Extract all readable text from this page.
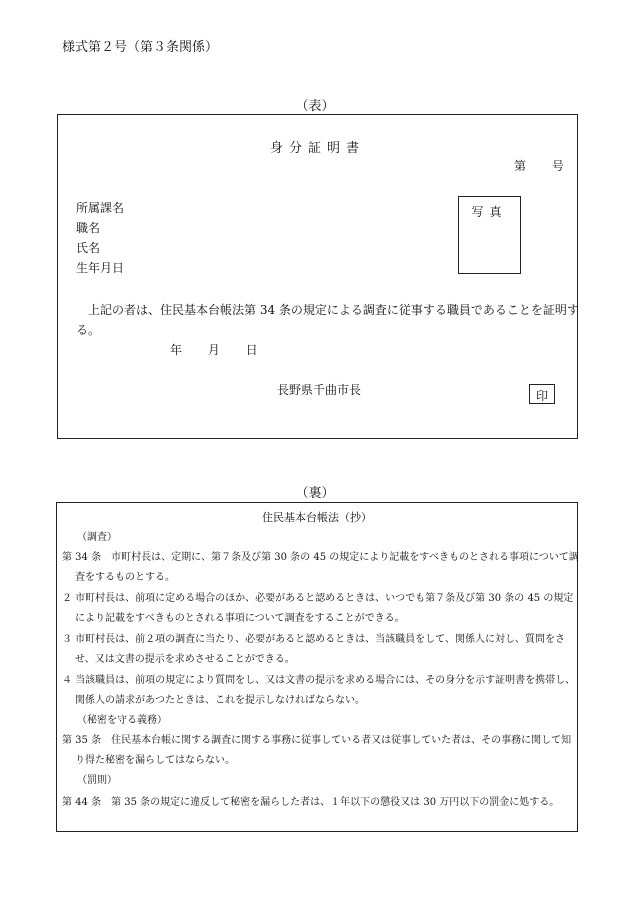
様式第２号（第３条関係）
（表）
身分証明書
第 号
所属課名
職名
氏名
生年月日
写真
上記の者は、住民基本台帳法第 34 条の規定による調査に従事する職員であることを証明す
る。
年 月 日
長野県千曲市長	印
（裏）
住民基本台帳法（抄）
（調査）
第 34 条　市町村長は、定期に、第７条及び第 30 条の 45 の規定により記載をすべきものとされる事項について調
査をするものとする。
２ 市町村長は、前項に定める場合のほか、必要があると認めるときは、いつでも第７条及び第 30 条の 45 の規定
により記載をすべきものとされる事項について調査をすることができる。
３ 市町村長は、前２項の調査に当たり、必要があると認めるときは、当該職員をして、関係人に対し、質問をさ
せ、又は文書の提示を求めさせることができる。
４ 当該職員は、前項の規定により質問をし、又は文書の提示を求める場合には、その身分を示す証明書を携帯し、
関係人の請求があつたときは、これを提示しなければならない。
（秘密を守る義務）
第 35 条　住民基本台帳に関する調査に関する事務に従事している者又は従事していた者は、その事務に関して知
り得た秘密を漏らしてはならない。
（罰則）
第 44 条　第 35 条の規定に違反して秘密を漏らした者は、１年以下の懲役又は 30 万円以下の罰金に処する。
